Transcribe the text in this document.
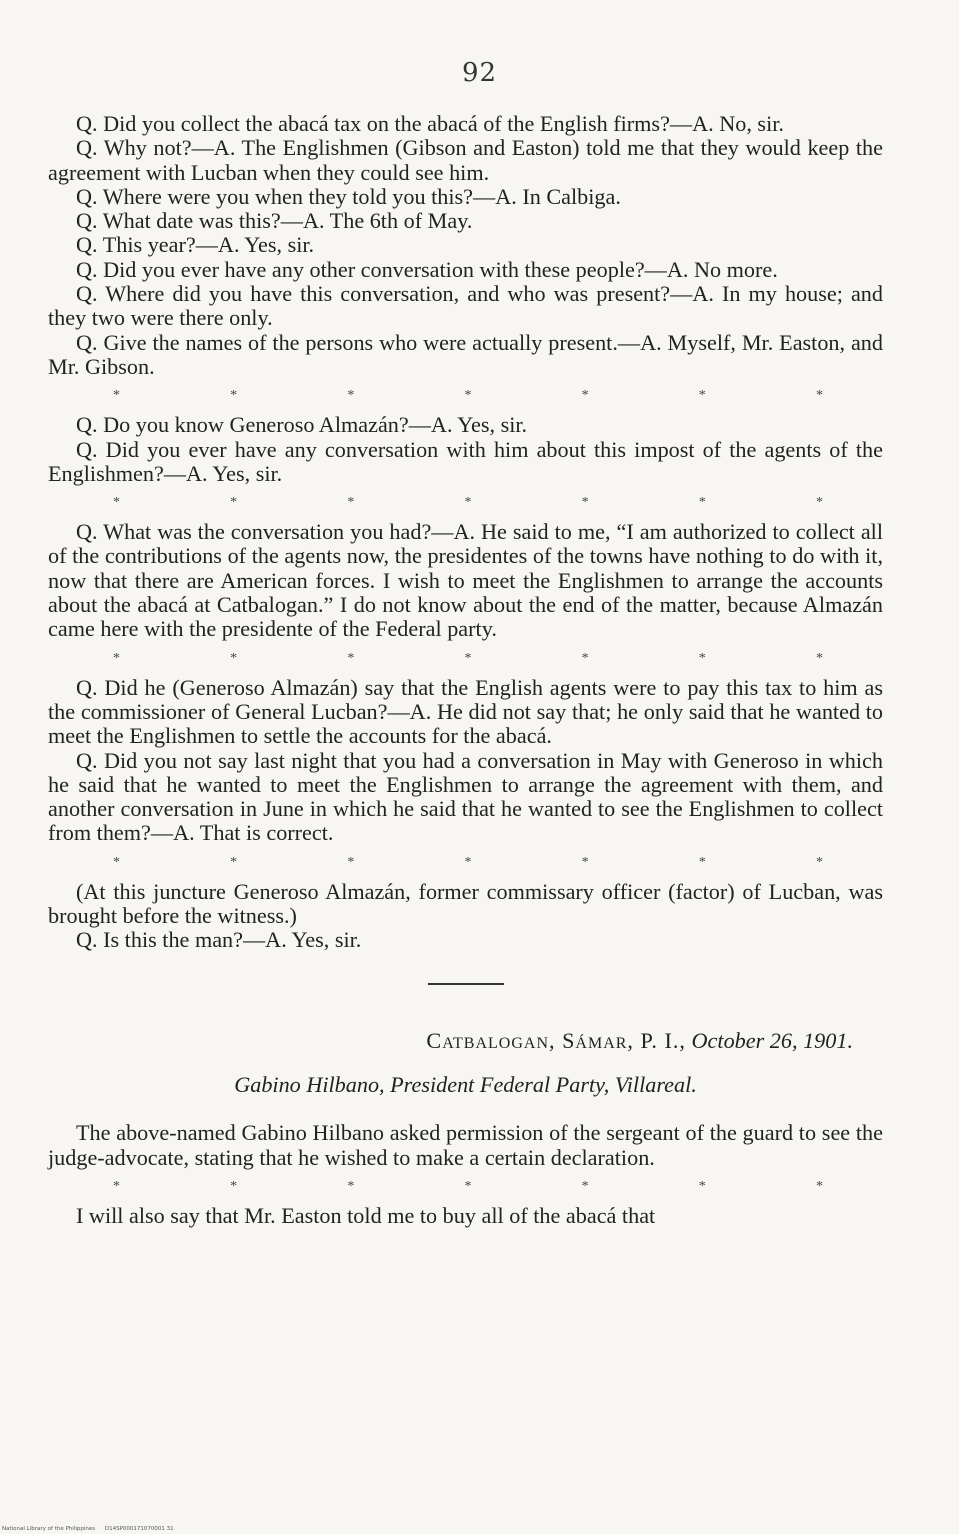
92

Q. Did you collect the abacá tax on the abacá of the English firms?—A. No, sir.

Q. Why not?—A. The Englishmen (Gibson and Easton) told me that they would keep the agreement with Lucban when they could see him.

Q. Where were you when they told you this?—A. In Calbiga.

Q. What date was this?—A. The 6th of May.

Q. This year?—A. Yes, sir.

Q. Did you ever have any other conversation with these people?—A. No more.

Q. Where did you have this conversation, and who was present?—A. In my house; and they two were there only.

Q. Give the names of the persons who were actually present.—A. Myself, Mr. Easton, and Mr. Gibson.

*	*	*	*	*	*	*

Q. Do you know Generoso Almazán?—A. Yes, sir.

Q. Did you ever have any conversation with him about this impost of the agents of the Englishmen?—A. Yes, sir.

*	*	*	*	*	*	*

Q. What was the conversation you had?—A. He said to me, “I am authorized to collect all of the contributions of the agents now, the presidentes of the towns have nothing to do with it, now that there are American forces. I wish to meet the Englishmen to arrange the accounts about the abacá at Catbalogan.” I do not know about the end of the matter, because Almazán came here with the presidente of the Federal party.

*	*	*	*	*	*	*

Q. Did he (Generoso Almazán) say that the English agents were to pay this tax to him as the commissioner of General Lucban?—A. He did not say that; he only said that he wanted to meet the Englishmen to settle the accounts for the abacá.

Q. Did you not say last night that you had a conversation in May with Generoso in which he said that he wanted to meet the Englishmen to arrange the agreement with them, and another conversation in June in which he said that he wanted to see the Englishmen to collect from them?—A. That is correct.

*	*	*	*	*	*	*

(At this juncture Generoso Almazán, former commissary officer (factor) of Lucban, was brought before the witness.)

Q. Is this the man?—A. Yes, sir.

Catbalogan, Sámar, P. I., October 26, 1901.
Gabino Hilbano, President Federal Party, Villareal.

The above-named Gabino Hilbano asked permission of the sergeant of the guard to see the judge-advocate, stating that he wished to make a certain declaration.

*	*	*	*	*	*	*

I will also say that Mr. Easton told me to buy all of the abacá that

National Library of the Philippines D14SP000171070001 31
